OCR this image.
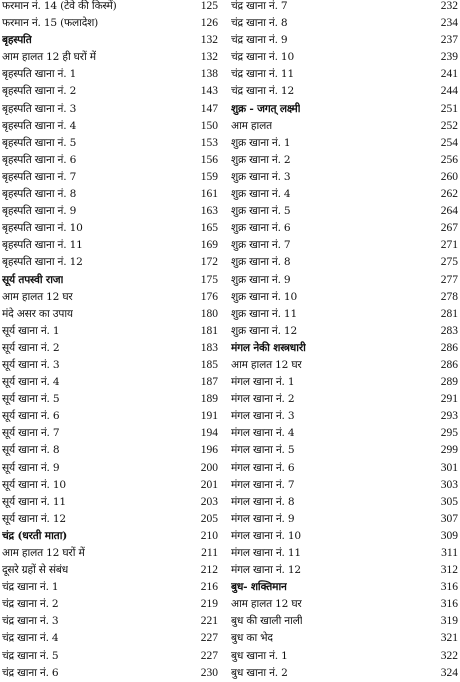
फरमान नं. 14 (टेवे की किस्में)	125
फरमान नं. 15 (फलादेश)	126
बृहस्पति	132
आम हालत 12 ही घरों में	132
बृहस्पति खाना नं. 1	138
बृहस्पति खाना नं. 2	143
बृहस्पति खाना नं. 3	147
बृहस्पति खाना नं. 4	150
बृहस्पति खाना नं. 5	153
बृहस्पति खाना नं. 6	156
बृहस्पति खाना नं. 7	159
बृहस्पति खाना नं. 8	161
बृहस्पति खाना नं. 9	163
बृहस्पति खाना नं. 10	165
बृहस्पति खाना नं. 11	169
बृहस्पति खाना नं. 12	172
सूर्य तपस्वी राजा	175
आम हालत 12 घर	176
मंदे असर का उपाय	180
सूर्य खाना नं. 1	181
सूर्य खाना नं. 2	183
सूर्य खाना नं. 3	185
सूर्य खाना नं. 4	187
सूर्य खाना नं. 5	189
सूर्य खाना नं. 6	191
सूर्य खाना नं. 7	194
सूर्य खाना नं. 8	196
सूर्य खाना नं. 9	200
सूर्य खाना नं. 10	201
सूर्य खाना नं. 11	203
सूर्य खाना नं. 12	205
चंद्र (धरती माता)	210
आम हालत 12 घरों में	211
दूसरे ग्रहों से संबंध	212
चंद्र खाना नं. 1	216
चंद्र खाना नं. 2	219
चंद्र खाना नं. 3	221
चंद्र खाना नं. 4	227
चंद्र खाना नं. 5	227
चंद्र खाना नं. 6	230
चंद्र खाना नं. 7	232
चंद्र खाना नं. 8	234
चंद्र खाना नं. 9	237
चंद्र खाना नं. 10	239
चंद्र खाना नं. 11	241
चंद्र खाना नं. 12	244
शुक्र - जगत् लक्ष्मी	251
आम हालत	252
शुक्र खाना नं. 1	254
शुक्र खाना नं. 2	256
शुक्र खाना नं. 3	260
शुक्र खाना नं. 4	262
शुक्र खाना नं. 5	264
शुक्र खाना नं. 6	267
शुक्र खाना नं. 7	271
शुक्र खाना नं. 8	275
शुक्र खाना नं. 9	277
शुक्र खाना नं. 10	278
शुक्र खाना नं. 11	281
शुक्र खाना नं. 12	283
मंगल नेकी शस्त्रधारी	286
आम हालत 12 घर	286
मंगल खाना नं. 1	289
मंगल खाना नं. 2	291
मंगल खाना नं. 3	293
मंगल खाना नं. 4	295
मंगल खाना नं. 5	299
मंगल खाना नं. 6	301
मंगल खाना नं. 7	303
मंगल खाना नं. 8	305
मंगल खाना नं. 9	307
मंगल खाना नं. 10	309
मंगल खाना नं. 11	311
मंगल खाना नं. 12	312
बुध- शक्तिमान	316
आम हालत 12 घर	316
बुध की खाली नाली	319
बुध का भेद	321
बुध खाना नं. 1	322
बुध खाना नं. 2	324
